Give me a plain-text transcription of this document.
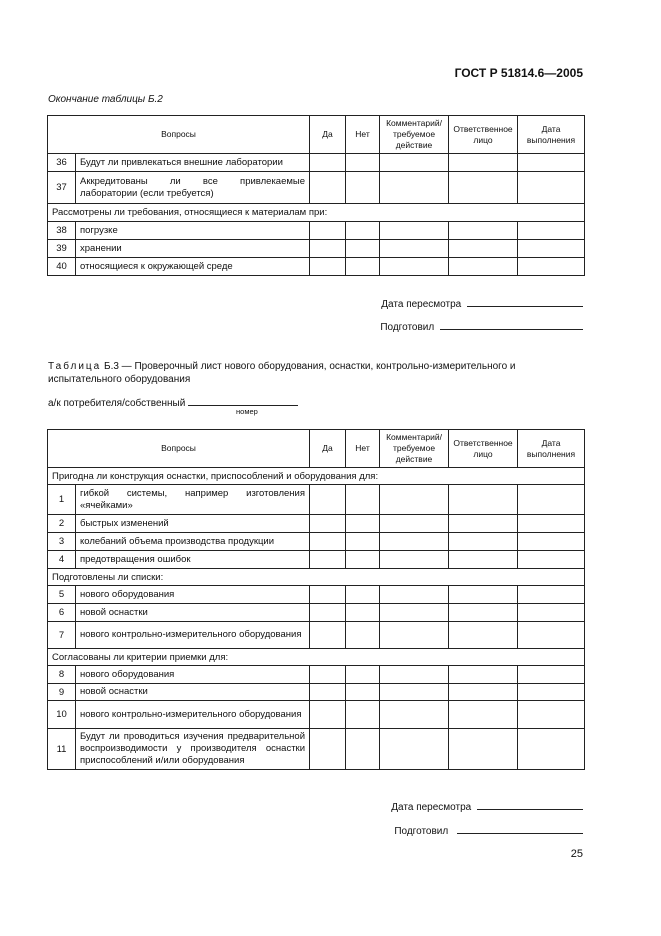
ГОСТ Р 51814.6—2005
Окончание таблицы Б.2
Вопросы		Да	Нет	Комментарий/ требуемое действие	Ответственное лицо	Дата выполнения
36	Будут ли привлекаться внешние лаборатории					
37	Аккредитованы ли все привлекаемые лаборатории (если требуется)					
Рассмотрены ли требования, относящиеся к материалам при:						
38	погрузке					
39	хранении					
40	относящиеся к окружающей среде					
Дата пересмотра
Подготовил
Таблица Б.3 — Проверочный лист нового оборудования, оснастки, контрольно-измерительного и испытательного оборудования
а/к потребителя/собственный
номер
Вопросы		Да	Нет	Комментарий/ требуемое действие	Ответственное лицо	Дата выполнения
Пригодна ли конструкция оснастки, приспособлений и оборудования для:						
1	гибкой системы, например изготовления «ячейками»					
2	быстрых изменений					
3	колебаний объема производства продукции					
4	предотвращения ошибок					
Подготовлены ли списки:						
5	нового оборудования					
6	новой оснастки					
7	нового контрольно-измерительного оборудования					
Согласованы ли критерии приемки для:						
8	нового оборудования					
9	новой оснастки					
10	нового контрольно-измерительного оборудования					
11	Будут ли проводиться изучения предварительной воспроизводимости у производителя оснастки приспособлений и/или оборудования					
Дата пересмотра
Подготовил
25
